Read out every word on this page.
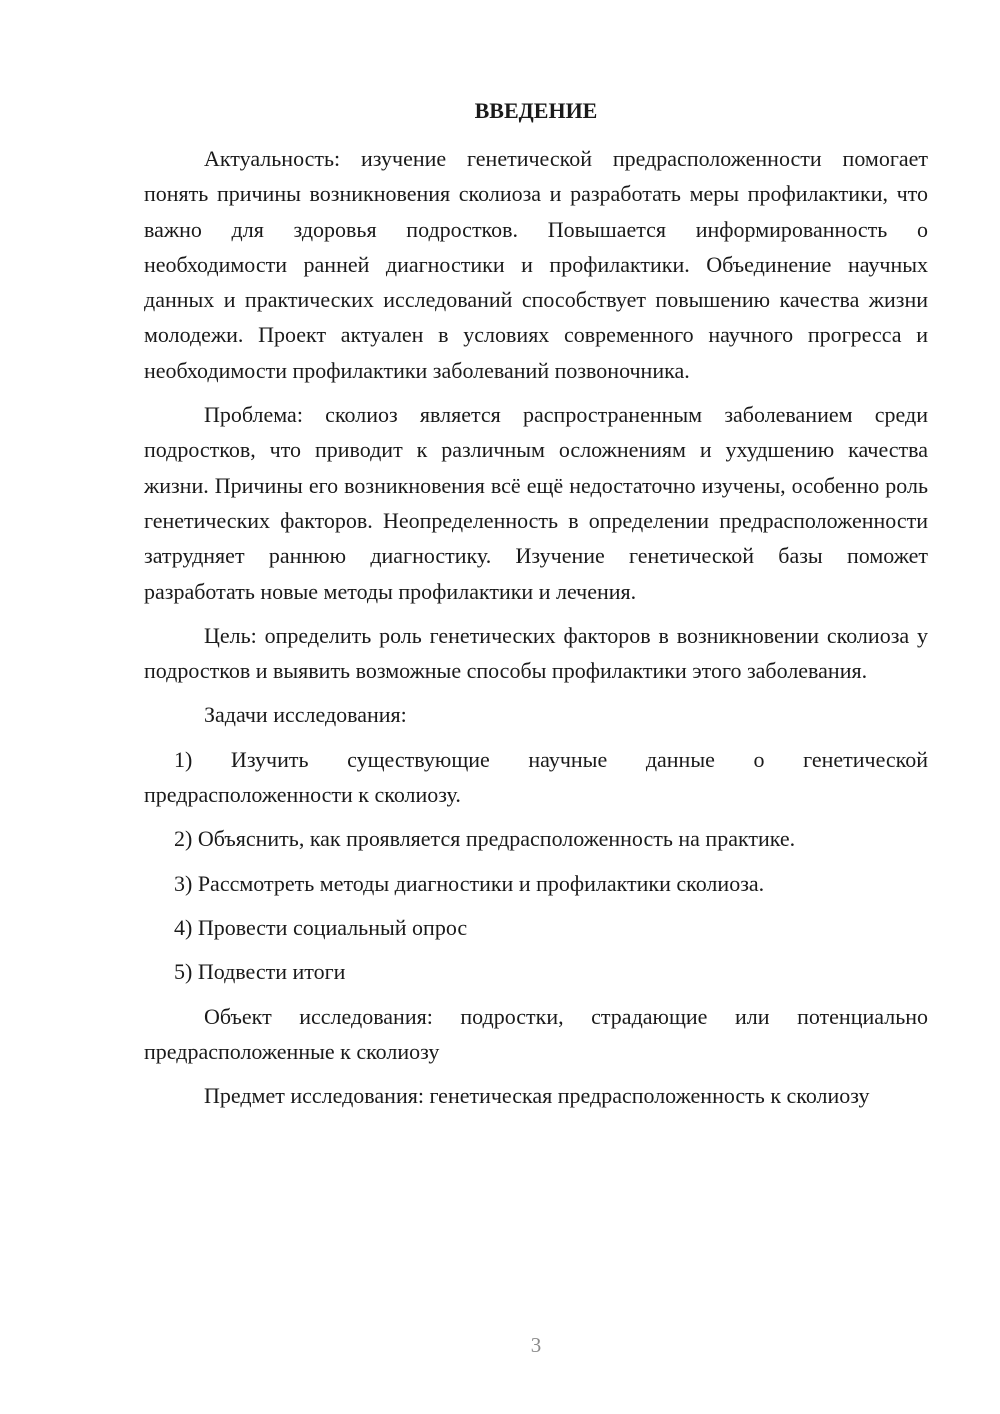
ВВЕДЕНИЕ

Актуальность: изучение генетической предрасположенности помогает понять причины возникновения сколиоза и разработать меры профилактики, что важно для здоровья подростков. Повышается информированность о необходимости ранней диагностики и профилактики. Объединение научных данных и практических исследований способствует повышению качества жизни молодежи. Проект актуален в условиях современного научного прогресса и необходимости профилактики заболеваний позвоночника.

Проблема: сколиоз является распространенным заболеванием среди подростков, что приводит к различным осложнениям и ухудшению качества жизни. Причины его возникновения всё ещё недостаточно изучены, особенно роль генетических факторов. Неопределенность в определении предрасположенности затрудняет раннюю диагностику. Изучение генетической базы поможет разработать новые методы профилактики и лечения.

Цель: определить роль генетических факторов в возникновении сколиоза у подростков и выявить возможные способы профилактики этого заболевания.

Задачи исследования:

1) Изучить существующие научные данные о генетической предрасположенности к сколиозу.

2) Объяснить, как проявляется предрасположенность на практике.

3) Рассмотреть методы диагностики и профилактики сколиоза.

4) Провести социальный опрос

5) Подвести итоги

Объект исследования: подростки, страдающие или потенциально предрасположенные к сколиозу

Предмет исследования: генетическая предрасположенность к сколиозу

3
